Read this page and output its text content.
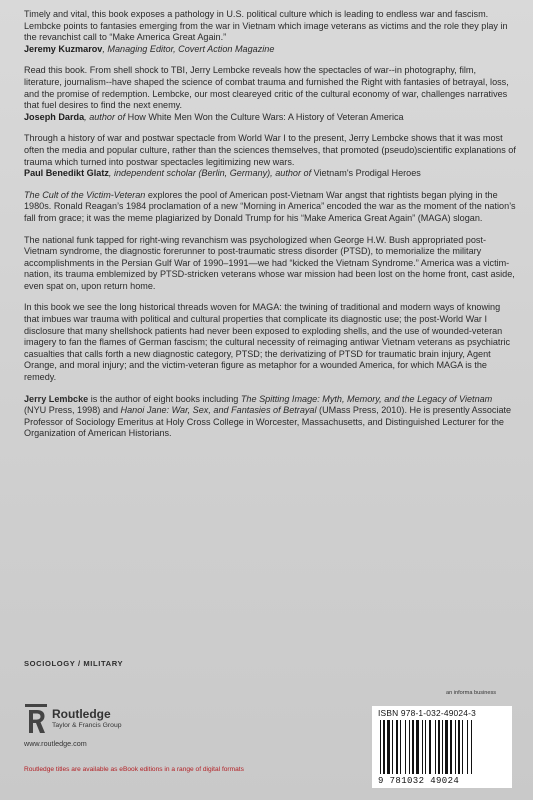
Timely and vital, this book exposes a pathology in U.S. political culture which is leading to endless war and fascism. Lembcke points to fantasies emerging from the war in Vietnam which image veterans as victims and the role they play in the revanchist call to “Make America Great Again.”
Jeremy Kuzmarov, Managing Editor, Covert Action Magazine
Read this book. From shell shock to TBI, Jerry Lembcke reveals how the spectacles of war--in photography, film, literature, journalism--have shaped the science of combat trauma and furnished the Right with fantasies of betrayal, loss, and the promise of redemption. Lembcke, our most cleareyed critic of the cultural economy of war, challenges narratives that fuel desires to find the next enemy.
Joseph Darda, author of How White Men Won the Culture Wars: A History of Veteran America
Through a history of war and postwar spectacle from World War I to the present, Jerry Lembcke shows that it was most often the media and popular culture, rather than the sciences themselves, that promoted (pseudo)scientific explanations of trauma which turned into postwar spectacles legitimizing new wars.
Paul Benedikt Glatz, independent scholar (Berlin, Germany), author of Vietnam's Prodigal Heroes
The Cult of the Victim-Veteran explores the pool of American post-Vietnam War angst that rightists began plying in the 1980s. Ronald Reagan’s 1984 proclamation of a new “Morning in America” encoded the war as the moment of the nation’s fall from grace; it was the meme plagiarized by Donald Trump for his “Make America Great Again” (MAGA) slogan.
The national funk tapped for right-wing revanchism was psychologized when George H.W. Bush appropriated post-Vietnam syndrome, the diagnostic forerunner to post-traumatic stress disorder (PTSD), to memorialize the military accomplishments in the Persian Gulf War of 1990–1991—we had “kicked the Vietnam Syndrome.” America was a victim-nation, its trauma emblemized by PTSD-stricken veterans whose war mission had been lost on the home front, cast aside, even spat on, upon return home.
In this book we see the long historical threads woven for MAGA: the twining of traditional and modern ways of knowing that imbues war trauma with political and cultural properties that complicate its diagnostic use; the post-World War I disclosure that many shellshock patients had never been exposed to exploding shells, and the use of wounded-veteran imagery to fan the flames of German fascism; the cultural necessity of reimaging antiwar Vietnam veterans as psychiatric casualties that calls forth a new diagnostic category, PTSD; the derivatizing of PTSD for traumatic brain injury, Agent Orange, and moral injury; and the victim-veteran figure as metaphor for a wounded America, for which MAGA is the remedy.
Jerry Lembcke is the author of eight books including The Spitting Image: Myth, Memory, and the Legacy of Vietnam (NYU Press, 1998) and Hanoi Jane: War, Sex, and Fantasies of Betrayal (UMass Press, 2010). He is presently Associate Professor of Sociology Emeritus at Holy Cross College in Worcester, Massachusetts, and Distinguished Lecturer for the Organization of American Historians.
SOCIOLOGY / MILITARY
Routledge
Taylor & Francis Group
www.routledge.com
Routledge titles are available as eBook editions in a range of digital formats
an informa business
ISBN 978-1-032-49024-3
9 781032 49024
